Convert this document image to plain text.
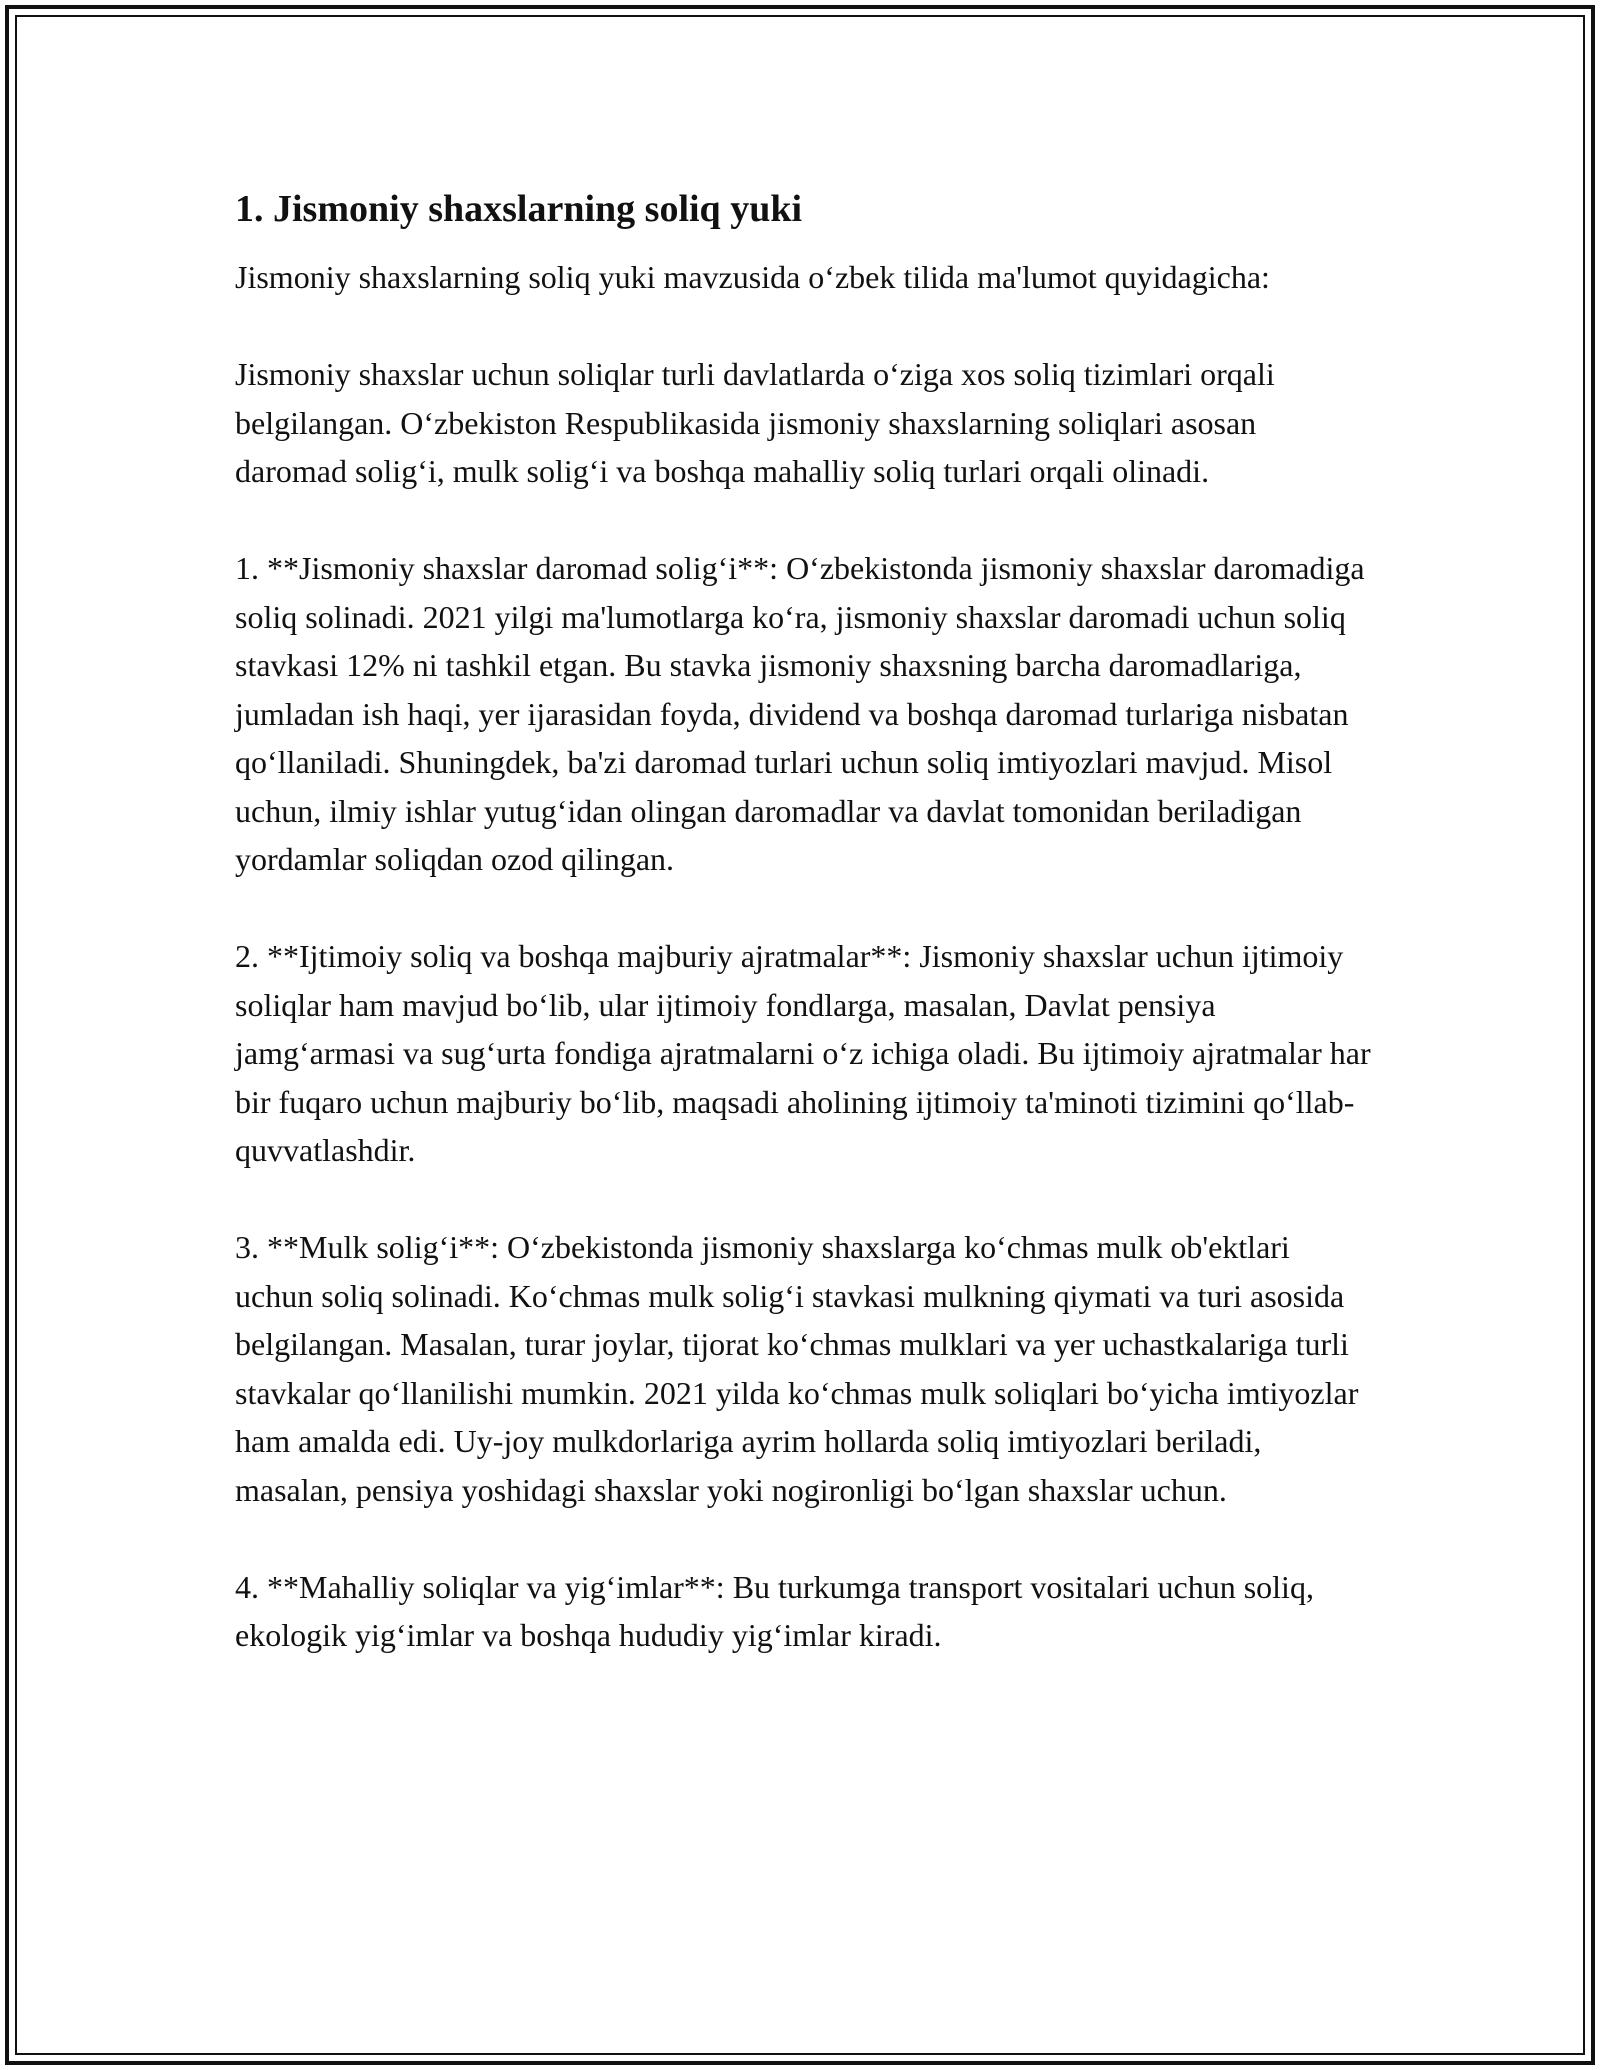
1. Jismoniy shaxslarning soliq yuki

Jismoniy shaxslarning soliq yuki mavzusida o‘zbek tilida ma'lumot quyidagicha:

Jismoniy shaxslar uchun soliqlar turli davlatlarda o‘ziga xos soliq tizimlari orqali belgilangan. O‘zbekiston Respublikasida jismoniy shaxslarning soliqlari asosan daromad solig‘i, mulk solig‘i va boshqa mahalliy soliq turlari orqali olinadi.

1. **Jismoniy shaxslar daromad solig‘i**: O‘zbekistonda jismoniy shaxslar daromadiga soliq solinadi. 2021 yilgi ma'lumotlarga ko‘ra, jismoniy shaxslar daromadi uchun soliq stavkasi 12% ni tashkil etgan. Bu stavka jismoniy shaxsning barcha daromadlariga, jumladan ish haqi, yer ijarasidan foyda, dividend va boshqa daromad turlariga nisbatan qo‘llaniladi. Shuningdek, ba'zi daromad turlari uchun soliq imtiyozlari mavjud. Misol uchun, ilmiy ishlar yutug‘idan olingan daromadlar va davlat tomonidan beriladigan yordamlar soliqdan ozod qilingan.

2. **Ijtimoiy soliq va boshqa majburiy ajratmalar**: Jismoniy shaxslar uchun ijtimoiy soliqlar ham mavjud bo‘lib, ular ijtimoiy fondlarga, masalan, Davlat pensiya jamg‘armasi va sug‘urta fondiga ajratmalarni o‘z ichiga oladi. Bu ijtimoiy ajratmalar har bir fuqaro uchun majburiy bo‘lib, maqsadi aholining ijtimoiy ta'minoti tizimini qo‘llab-quvvatlashdir.

3. **Mulk solig‘i**: O‘zbekistonda jismoniy shaxslarga ko‘chmas mulk ob'ektlari uchun soliq solinadi. Ko‘chmas mulk solig‘i stavkasi mulkning qiymati va turi asosida belgilangan. Masalan, turar joylar, tijorat ko‘chmas mulklari va yer uchastkalariga turli stavkalar qo‘llanilishi mumkin. 2021 yilda ko‘chmas mulk soliqlari bo‘yicha imtiyozlar ham amalda edi. Uy-joy mulkdorlariga ayrim hollarda soliq imtiyozlari beriladi, masalan, pensiya yoshidagi shaxslar yoki nogironligi bo‘lgan shaxslar uchun.

4. **Mahalliy soliqlar va yig‘imlar**: Bu turkumga transport vositalari uchun soliq, ekologik yig‘imlar va boshqa hududiy yig‘imlar kiradi.
